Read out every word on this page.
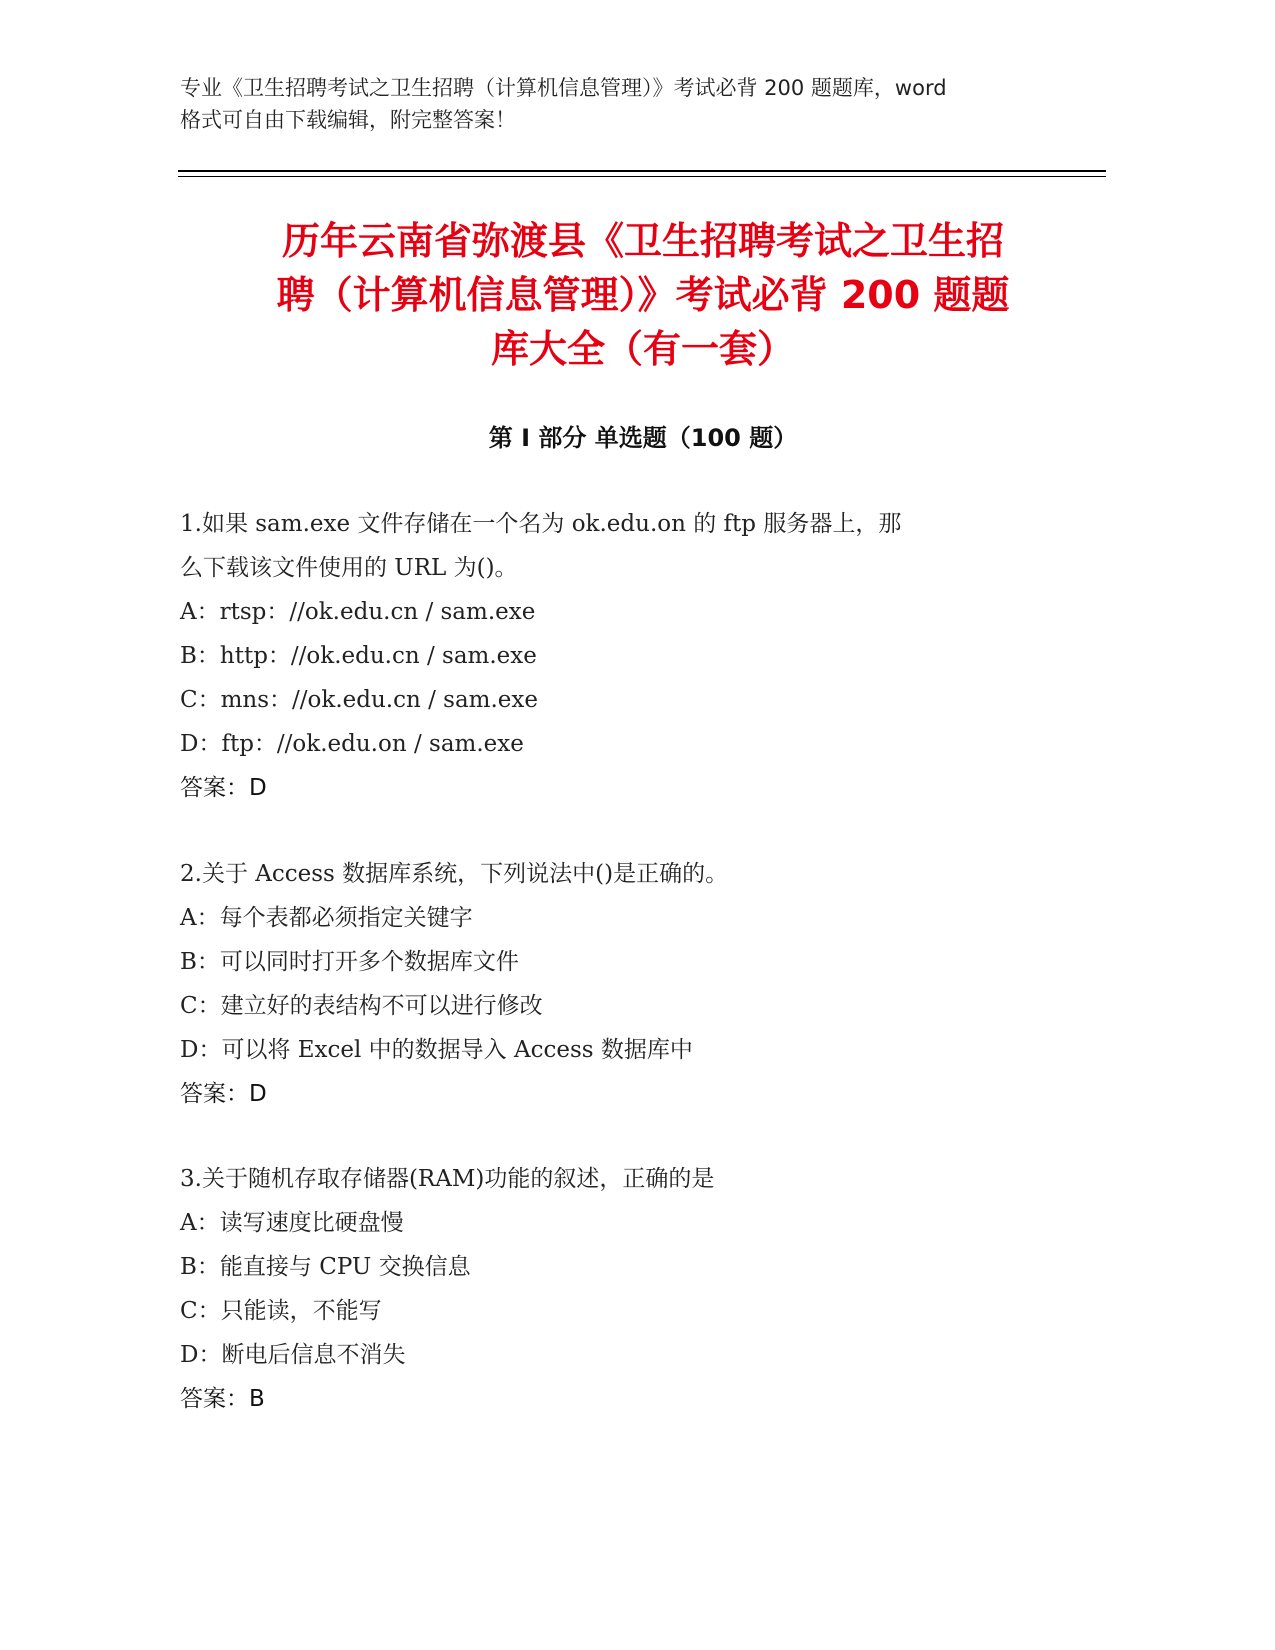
专业《卫生招聘考试之卫生招聘（计算机信息管理）》考试必背 200 题题库，word
格式可自由下载编辑，附完整答案！
历年云南省弥渡县《卫生招聘考试之卫生招
聘（计算机信息管理）》考试必背 200 题题
库大全（有一套）
第 I 部分 单选题（100 题）
1.如果 sam.exe 文件存储在一个名为 ok.edu.on 的 ftp 服务器上，那
么下载该文件使用的 URL 为()。
A：rtsp：//ok.edu.cn / sam.exe
B：http：//ok.edu.cn / sam.exe
C：mns：//ok.edu.cn / sam.exe
D：ftp：//ok.edu.on / sam.exe
答案：D
2.关于 Access 数据库系统，下列说法中()是正确的。
A：每个表都必须指定关键字
B：可以同时打开多个数据库文件
C：建立好的表结构不可以进行修改
D：可以将 Excel 中的数据导入 Access 数据库中
答案：D
3.关于随机存取存储器(RAM)功能的叙述，正确的是
A：读写速度比硬盘慢
B：能直接与 CPU 交换信息
C：只能读，不能写
D：断电后信息不消失
答案：B
